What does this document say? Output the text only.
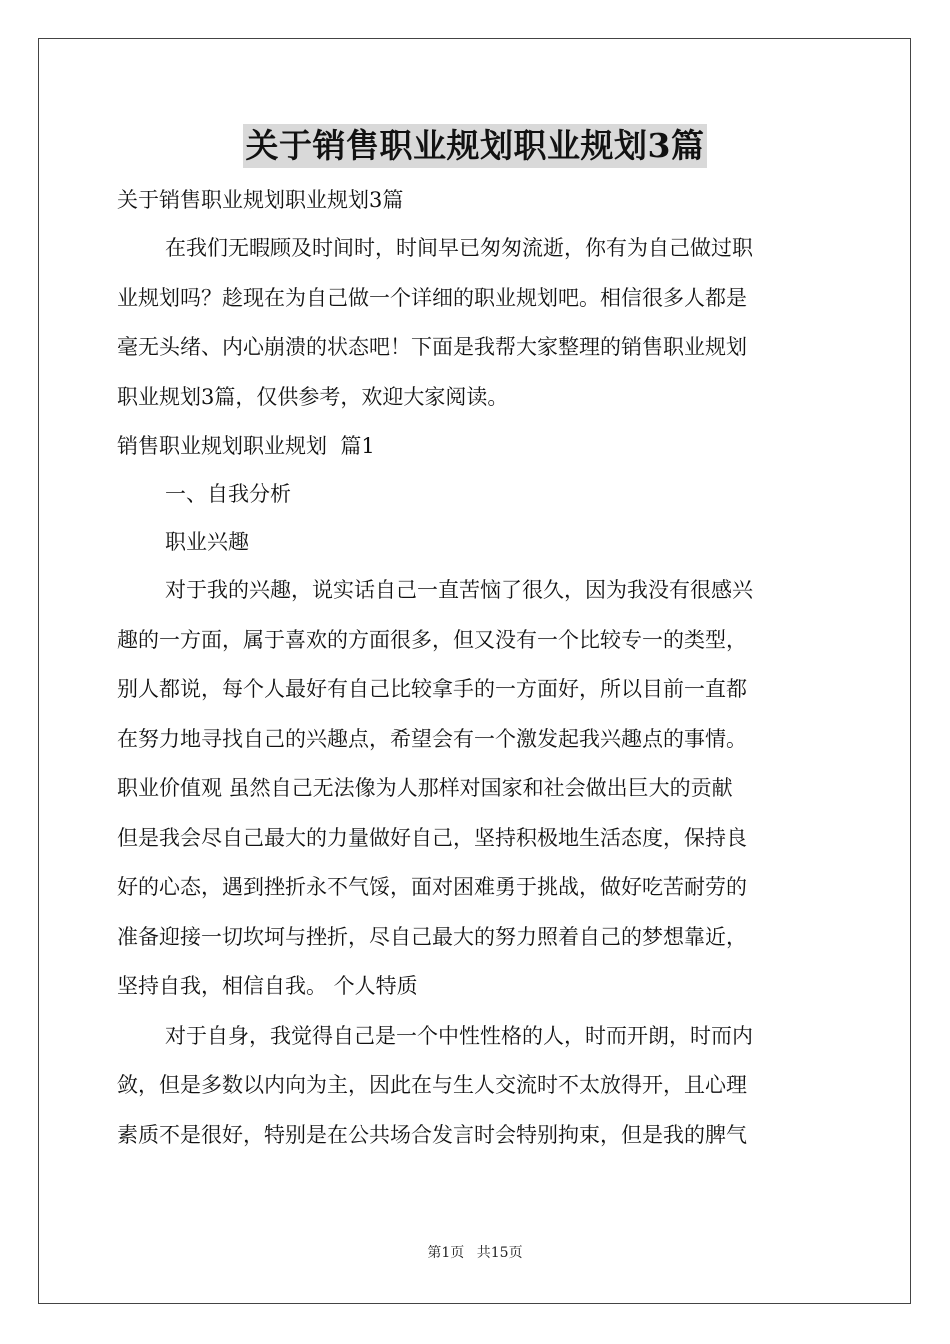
关于销售职业规划职业规划3篇

关于销售职业规划职业规划3篇

在我们无暇顾及时间时，时间早已匆匆流逝，你有为自己做过职
业规划吗？趁现在为自己做一个详细的职业规划吧。相信很多人都是
毫无头绪、内心崩溃的状态吧！下面是我帮大家整理的销售职业规划
职业规划3篇，仅供参考，欢迎大家阅读。

销售职业规划职业规划  篇1

一、自我分析

职业兴趣

对于我的兴趣，说实话自己一直苦恼了很久，因为我没有很感兴
趣的一方面，属于喜欢的方面很多，但又没有一个比较专一的类型，
别人都说，每个人最好有自己比较拿手的一方面好，所以目前一直都
在努力地寻找自己的兴趣点，希望会有一个激发起我兴趣点的事情。
职业价值观 虽然自己无法像为人那样对国家和社会做出巨大的贡献
但是我会尽自己最大的力量做好自己，坚持积极地生活态度，保持良
好的心态，遇到挫折永不气馁，面对困难勇于挑战，做好吃苦耐劳的
准备迎接一切坎坷与挫折，尽自己最大的努力照着自己的梦想靠近，
坚持自我，相信自我。 个人特质

对于自身，我觉得自己是一个中性性格的人，时而开朗，时而内
敛，但是多数以内向为主，因此在与生人交流时不太放得开，且心理
素质不是很好，特别是在公共场合发言时会特别拘束，但是我的脾气

第1页 共15页
